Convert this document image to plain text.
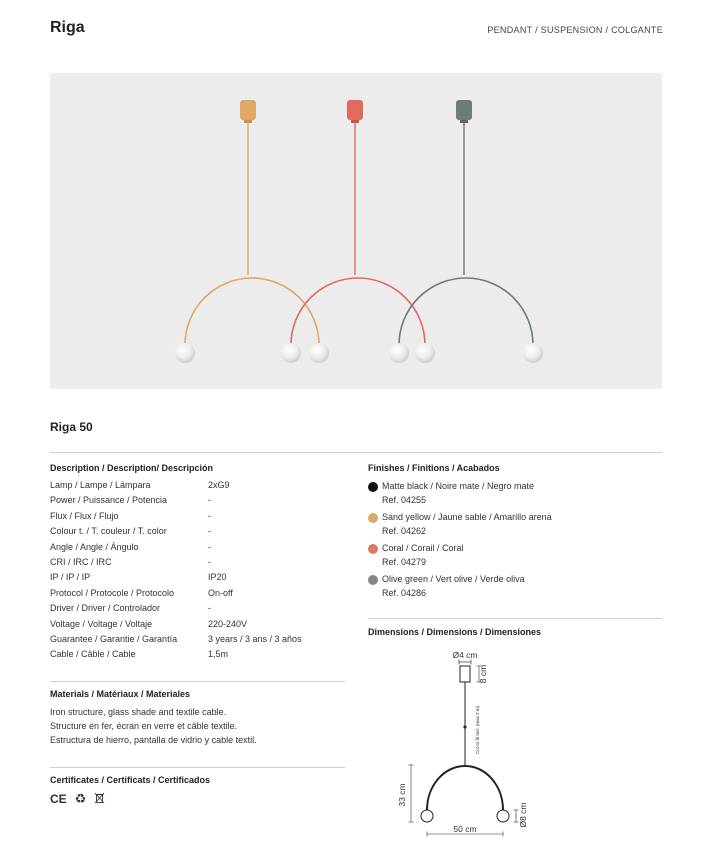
Riga	PENDANT / SUSPENSION / COLGANTE
Riga 50
Description / Description/ Descripción
Lamp / Lampe / Lámpara	2xG9
Power / Puissance / Potencia	-
Flux / Flux / Flujo	-
Colour t. / T. couleur / T. color	-
Angle / Angle / Ángulo	-
CRI / IRC / IRC	-
IP / IP / IP	IP20
Protocol / Protocole / Protocolo	On-off
Driver / Driver / Controlador	-
Voltage / Voltage / Voltaje	220-240V
Guarantee / Garantie / Garantía	3 years / 3 ans / 3 años
Cable / Câble / Cable	1,5m
Materials / Matériaux / Materiales
Iron structure, glass shade and textile cable.
Structure en fer, écran en verre et câble textile.
Estructura de hierro, pantalla de vidrio y cable textil.
Certificates / Certificats / Certificados
CE ♻
Finishes / Finitions / Acabados
Matte black / Noire mate / Negro mate
Ref. 04255
Sand yellow / Jaune sable / Amarillo arena
Ref. 04262
Coral / Corail / Coral
Ref. 04279
Olive green / Vert olive / Verde oliva
Ref. 04286
Dimensions / Dimensions / Dimensiones
Ø4 cm
8 cm
Cut-to-fit Incl. (max 2 m)
33 cm
50 cm
Ø8 cm
